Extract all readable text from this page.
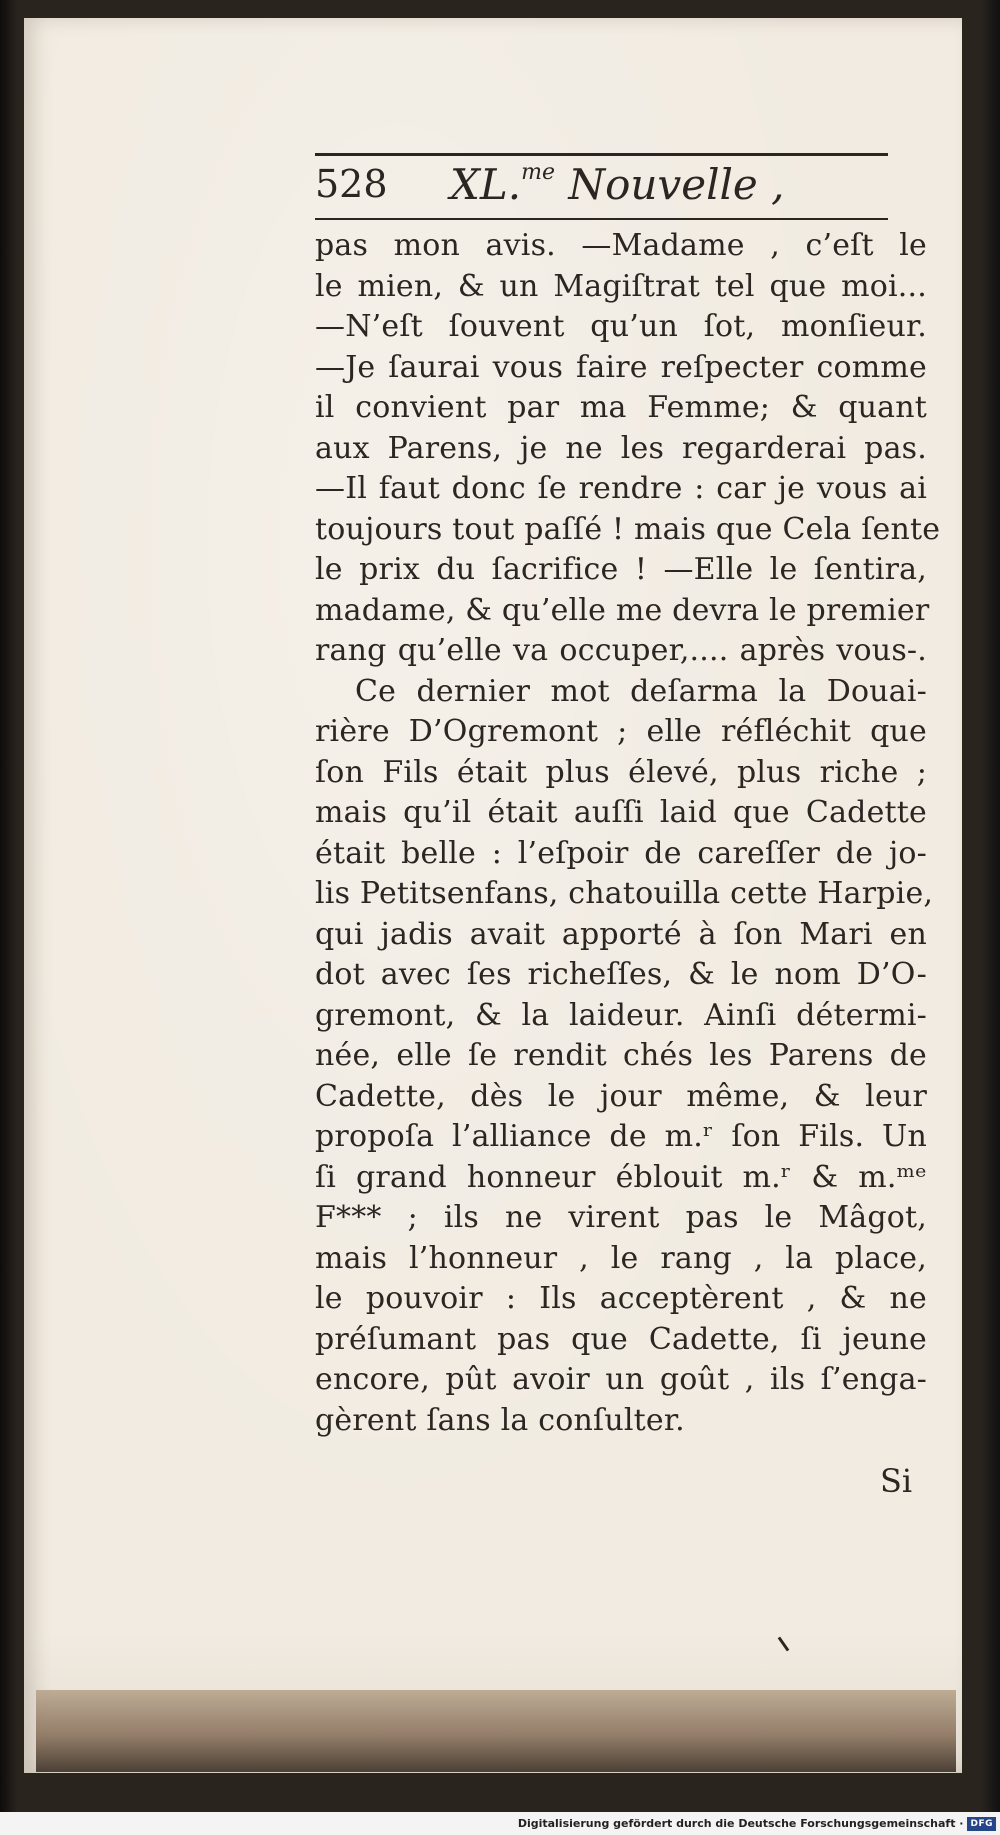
528 XL.$^{me}$ Nouvelle ,
pas mon avis. —Madame , c’eſt le
le mien, & un Magiſtrat tel que moi...
—N’eſt ſouvent qu’un ſot, monſieur.
—Je ſaurai vous faire reſpecter comme
il convient par ma Femme; & quant
aux Parens, je ne les regarderai pas.
—Il faut donc ſe rendre : car je vous ai
toujours tout paſſé ! mais que Cela ſente
le prix du ſacrifice ! —Elle le ſentira,
madame, & qu’elle me devra le premier
rang qu’elle va occuper,.... après vous-.
Ce dernier mot deſarma la Douai-
rière D’Ogremont ; elle réfléchit que
ſon Fils était plus élevé, plus riche ;
mais qu’il était auſſi laid que Cadette
était belle : l’eſpoir de careſſer de jo-
lis Petitsenfans, chatouilla cette Harpie,
qui jadis avait apporté à ſon Mari en
dot avec ſes richeſſes, & le nom D’O-
gremont, & la laideur. Ainſi détermi-
née, elle ſe rendit chés les Parens de
Cadette, dès le jour même, & leur
propoſa l’alliance de m.ʳ ſon Fils. Un
ſi grand honneur éblouit m.ʳ & m.ᵐᵉ
F*** ; ils ne virent pas le Mâgot,
mais l’honneur , le rang , la place,
le pouvoir : Ils acceptèrent , & ne
préſumant pas que Cadette, ſi jeune
encore, pût avoir un goût , ils ſ’enga-
gèrent ſans la conſulter.
Si
Digitalisierung gefördert durch die Deutsche Forschungsgemeinschaft · DFG
